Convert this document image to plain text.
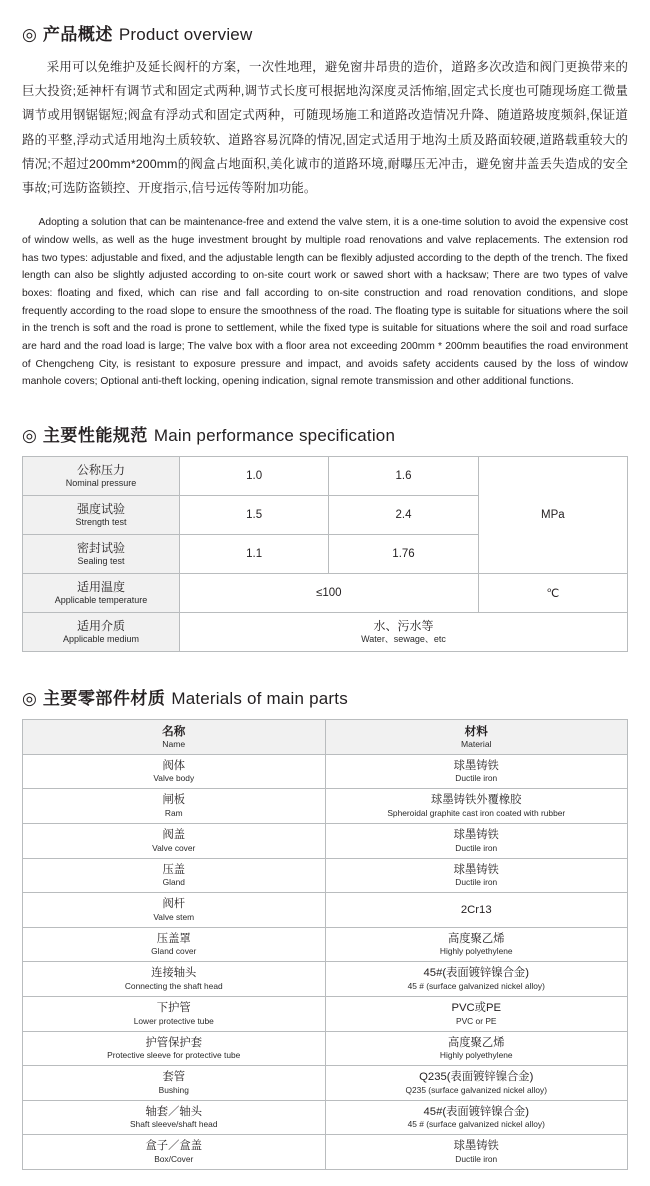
◎ 产品概述 Product overview

采用可以免维护及延长阀杆的方案，一次性地理，避免窗井昂贵的造价，道路多次改造和阀门更换带来的巨大投资;延神杆有调节式和固定式两种,调节式长度可根据地沟深度灵活怖缩,固定式长度也可随现场庭工微量调节或用钢锯锯短;阀盒有浮动式和固定式两种，可随现场施工和道路改造情况升降、随道路坡度频斜,保证道路的平整,浮动式适用地沟土质较软、道路容易沉降的情况,固定式适用于地沟土质及路面较硬,道路载重较大的情况;不超过200mm*200mm的阀盒占地面积,美化诚市的道路环境,耐曝压无冲击，避免窗井盖丢失造成的安全事故;可选防盗锁控、开度指示,信号远传等附加功能。

Adopting a solution that can be maintenance-free and extend the valve stem, it is a one-time solution to avoid the expensive cost of window wells, as well as the huge investment brought by multiple road renovations and valve replacements. The extension rod has two types: adjustable and fixed, and the adjustable length can be flexibly adjusted according to the depth of the trench. The fixed length can also be slightly adjusted according to on-site court work or sawed short with a hacksaw; There are two types of valve boxes: floating and fixed, which can rise and fall according to on-site construction and road renovation conditions, and slope frequently according to the road slope to ensure the smoothness of the road. The floating type is suitable for situations where the soil in the trench is soft and the road is prone to settlement, while the fixed type is suitable for situations where the soil and road surface are hard and the road load is large; The valve box with a floor area not exceeding 200mm * 200mm beautifies the road environment of Chengcheng City, is resistant to exposure pressure and impact, and avoids safety accidents caused by the loss of window manhole covers; Optional anti-theft locking, opening indication, signal remote transmission and other additional functions.

◎ 主要性能规范 Main performance specification
公称压力
Nominal pressure	1.0	1.6	MPa

强度试验
Strength test	1.5	2.4	

密封试验
Sealing test	1.1	1.76	

适用温度
Applicable temperature	≤100		℃

适用介质
Applicable medium	水、污水等
Water、sewage、etc		
◎ 主要零部件材质 Materials of main parts
名称
Name	材料
Material

阀体
Valve body	球墨铸铁
Ductile iron

闸板
Ram	球墨铸铁外覆橡胶
Spheroidal graphite cast iron coated with rubber

阀盖
Valve cover	球墨铸铁
Ductile iron

压盖
Gland	球墨铸铁
Ductile iron

阀杆
Valve stem	2Cr13

压盖罩
Gland cover	高度聚乙烯
Highly polyethylene

连接轴头
Connecting the shaft head	45#(表面镀锌镍合金)
45 # (surface galvanized nickel alloy)

下护管
Lower protective tube	PVC或PE
PVC or PE

护管保护套
Protective sleeve for protective tube	高度聚乙烯
Highly polyethylene

套管
Bushing	Q235(表面镀锌镍合金)
Q235 (surface galvanized nickel alloy)

轴套／轴头
Shaft sleeve/shaft head	45#(表面镀锌镍合金)
45 # (surface galvanized nickel alloy)

盒子／盒盖
Box/Cover	球墨铸铁
Ductile iron
